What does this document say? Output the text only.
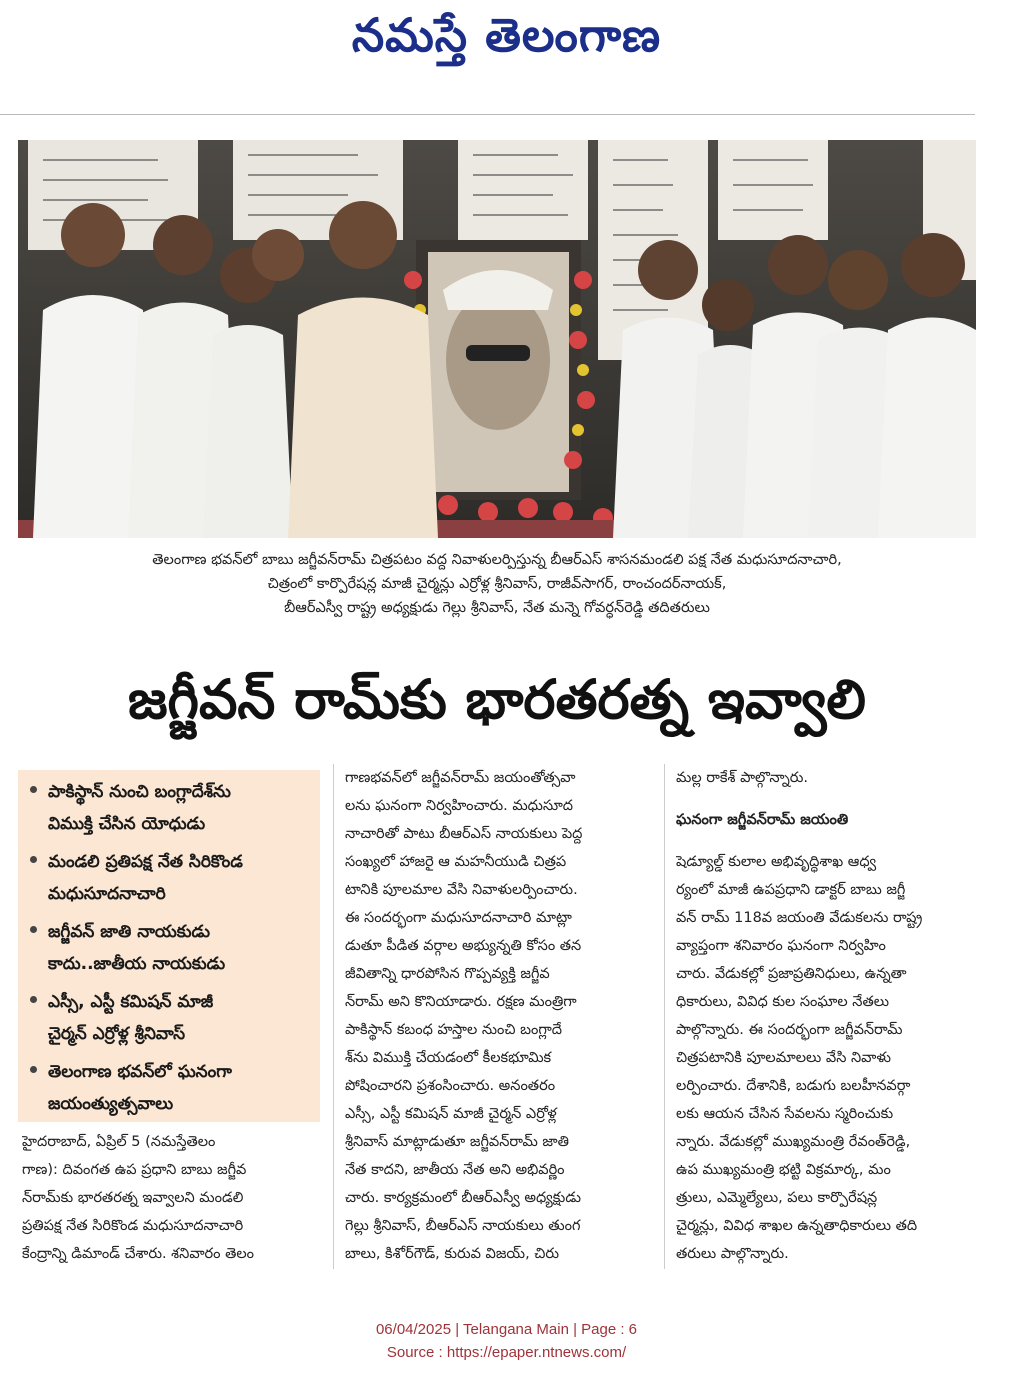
నమస్తే తెలంగాణ
తెలంగాణ భవన్‌లో బాబు జగ్జీవన్‌రామ్ చిత్రపటం వద్ద నివాళులర్పిస్తున్న బీఆర్‌ఎస్ శాసనమండలి పక్ష నేత మధుసూదనాచారి,
చిత్రంలో కార్పొరేషన్ల మాజీ చైర్మన్లు ఎర్రోళ్ల శ్రీనివాస్, రాజీవ్‌సాగర్, రాంచందర్‌నాయక్,
బీఆర్‌ఎస్వీ రాష్ట్ర అధ్యక్షుడు గెల్లు శ్రీనివాస్, నేత మన్నె గోవర్ధన్‌రెడ్డి తదితరులు
జగ్జీవన్ రామ్‌కు భారతరత్న ఇవ్వాలి
పాకిస్థాన్ నుంచి బంగ్లాదేశ్‌ను
విముక్తి చేసిన యోధుడు
మండలి ప్రతిపక్ష నేత సిరికొండ
మధుసూదనాచారి
జగ్జీవన్ జాతి నాయకుడు
కాదు..జాతీయ నాయకుడు
ఎస్సీ, ఎస్టీ కమిషన్ మాజీ
చైర్మన్ ఎర్రోళ్ల శ్రీనివాస్
తెలంగాణ భవన్‌లో ఘనంగా
జయంత్యుత్సవాలు
హైదరాబాద్, ఏప్రిల్ 5 (నమస్తేతెలం
గాణ): దివంగత ఉప ప్రధాని బాబు జగ్జీవ
న్‌రామ్‌కు భారతరత్న ఇవ్వాలని మండలి
ప్రతిపక్ష నేత సిరికొండ మధుసూదనాచారి
కేంద్రాన్ని డిమాండ్ చేశారు. శనివారం తెలం
గాణభవన్‌లో జగ్జీవన్‌రామ్ జయంతోత్సవా
లను ఘనంగా నిర్వహించారు. మధుసూద
నాచారితో పాటు బీఆర్‌ఎస్ నాయకులు పెద్ద
సంఖ్యలో హాజరై ఆ మహనీయుడి చిత్రప
టానికి పూలమాల వేసి నివాళులర్పించారు.
ఈ సందర్భంగా మధుసూదనాచారి మాట్లా
డుతూ పీడిత వర్గాల అభ్యున్నతి కోసం తన
జీవితాన్ని ధారపోసిన గొప్పవ్యక్తి జగ్జీవ
న్‌రామ్ అని కొనియాడారు. రక్షణ మంత్రిగా
పాకిస్థాన్ కబంధ హస్తాల నుంచి బంగ్లాదే
శ్‌ను విముక్తి చేయడంలో కీలకభూమిక
పోషించారని ప్రశంసించారు. అనంతరం
ఎస్సీ, ఎస్టీ కమిషన్ మాజీ చైర్మన్ ఎర్రోళ్ల
శ్రీనివాస్ మాట్లాడుతూ జగ్జీవన్‌రామ్ జాతి
నేత కాదని, జాతీయ నేత అని అభివర్ణిం
చారు. కార్యక్రమంలో బీఆర్‌ఎస్వీ అధ్యక్షుడు
గెల్లు శ్రీనివాస్, బీఆర్‌ఎస్ నాయకులు తుంగ
బాలు, కిశోర్‌గౌడ్, కురువ విజయ్, చిరు
మల్ల రాకేశ్ పాల్గొన్నారు.
ఘనంగా జగ్జీవన్‌రామ్ జయంతి
షెడ్యూల్డ్ కులాల అభివృద్ధిశాఖ ఆధ్వ
ర్యంలో మాజీ ఉపప్రధాని డాక్టర్ బాబు జగ్జీ
వన్ రామ్ 118వ జయంతి వేడుకలను రాష్ట్ర
వ్యాప్తంగా శనివారం ఘనంగా నిర్వహిం
చారు. వేడుకల్లో ప్రజాప్రతినిధులు, ఉన్నతా
ధికారులు, వివిధ కుల సంఘాల నేతలు
పాల్గొన్నారు. ఈ సందర్భంగా జగ్జీవన్‌రామ్
చిత్రపటానికి పూలమాలలు వేసి నివాళు
లర్పించారు. దేశానికి, బడుగు బలహీనవర్గా
లకు ఆయన చేసిన సేవలను స్మరించుకు
న్నారు. వేడుకల్లో ముఖ్యమంత్రి రేవంత్‌రెడ్డి,
ఉప ముఖ్యమంత్రి భట్టి విక్రమార్క, మం
త్రులు, ఎమ్మెల్యేలు, పలు కార్పొరేషన్ల
చైర్మన్లు, వివిధ శాఖల ఉన్నతాధికారులు తది
తరులు పాల్గొన్నారు.
06/04/2025 | Telangana Main | Page : 6
Source : https://epaper.ntnews.com/
